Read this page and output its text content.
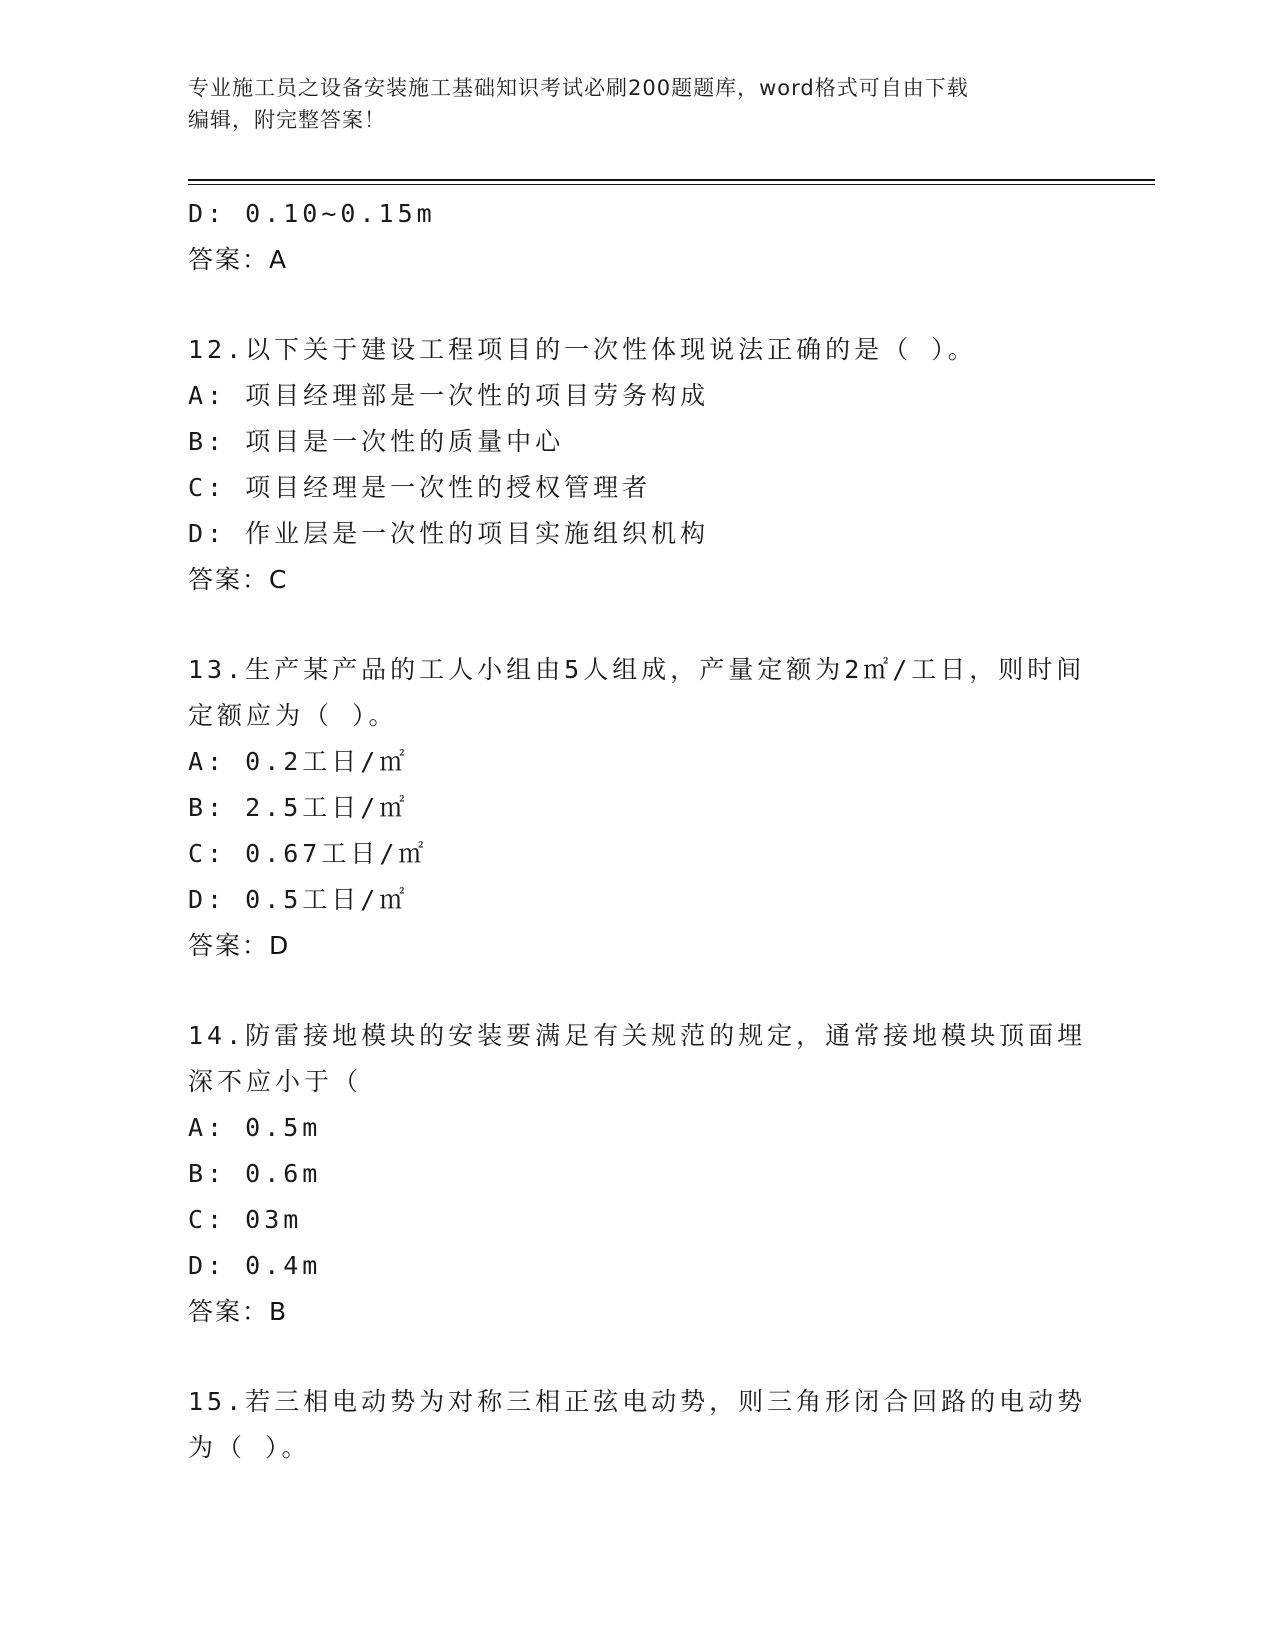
专业施工员之设备安装施工基础知识考试必刷200题题库，word格式可自由下载
编辑，附完整答案！
D: 0.10~0.15m
答案：A
12.以下关于建设工程项目的一次性体现说法正确的是（ ）。
A: 项目经理部是一次性的项目劳务构成
B: 项目是一次性的质量中心
C: 项目经理是一次性的授权管理者
D: 作业层是一次性的项目实施组织机构
答案：C
13.生产某产品的工人小组由5人组成，产量定额为2㎡/工日，则时间
定额应为（ ）。
A: 0.2工日/㎡
B: 2.5工日/㎡
C: 0.67工日/㎡
D: 0.5工日/㎡
答案：D
14.防雷接地模块的安装要满足有关规范的规定，通常接地模块顶面埋
深不应小于（
A: 0.5m
B: 0.6m
C: 03m
D: 0.4m
答案：B
15.若三相电动势为对称三相正弦电动势，则三角形闭合回路的电动势
为（ ）。
